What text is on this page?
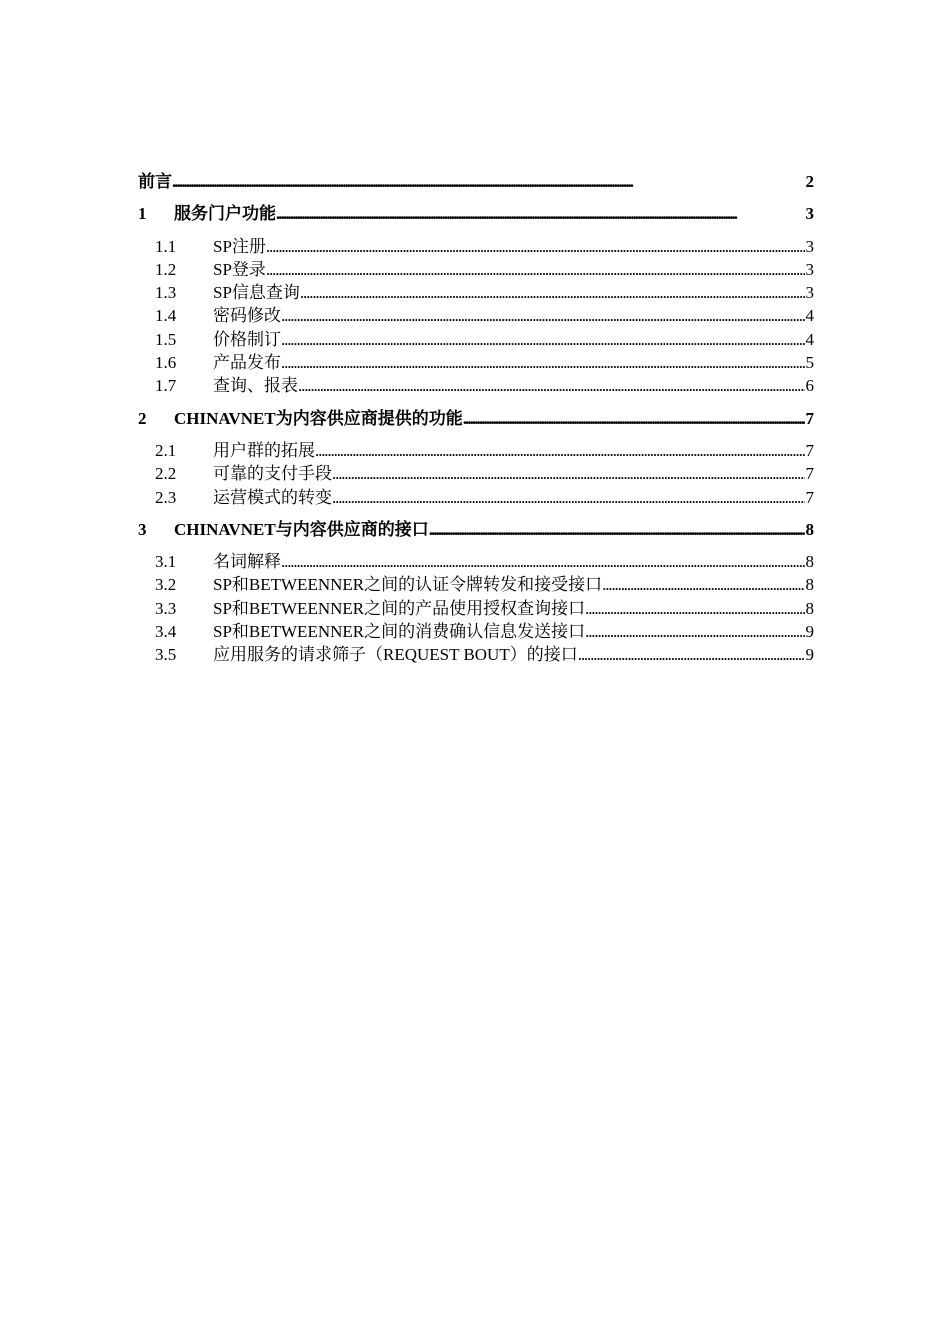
前言 . . .	2
1	服务门户功能 . . .	3
1.1	SP注册 . . .	3
1.2	SP登录 . . .	3
1.3	SP信息查询 . . .	3
1.4	密码修改 . . .	4
1.5	价格制订 . . .	4
1.6	产品发布 . . .	5
1.7	查询、报表 . . .	6
2	CHINAVNET为内容供应商提供的功能 . . .	7
2.1	用户群的拓展 . . .	7
2.2	可靠的支付手段 . . .	7
2.3	运营模式的转变 . . .	7
3	CHINAVNET与内容供应商的接口 . . .	8
3.1	名词解释 . . .	8
3.2	SP和BETWEENNER之间的认证令牌转发和接受接口 . . .	8
3.3	SP和BETWEENNER之间的产品使用授权查询接口 . . .	8
3.4	SP和BETWEENNER之间的消费确认信息发送接口 . . .	9
3.5	应用服务的请求筛子（REQUEST BOUT）的接口 . . .	9
